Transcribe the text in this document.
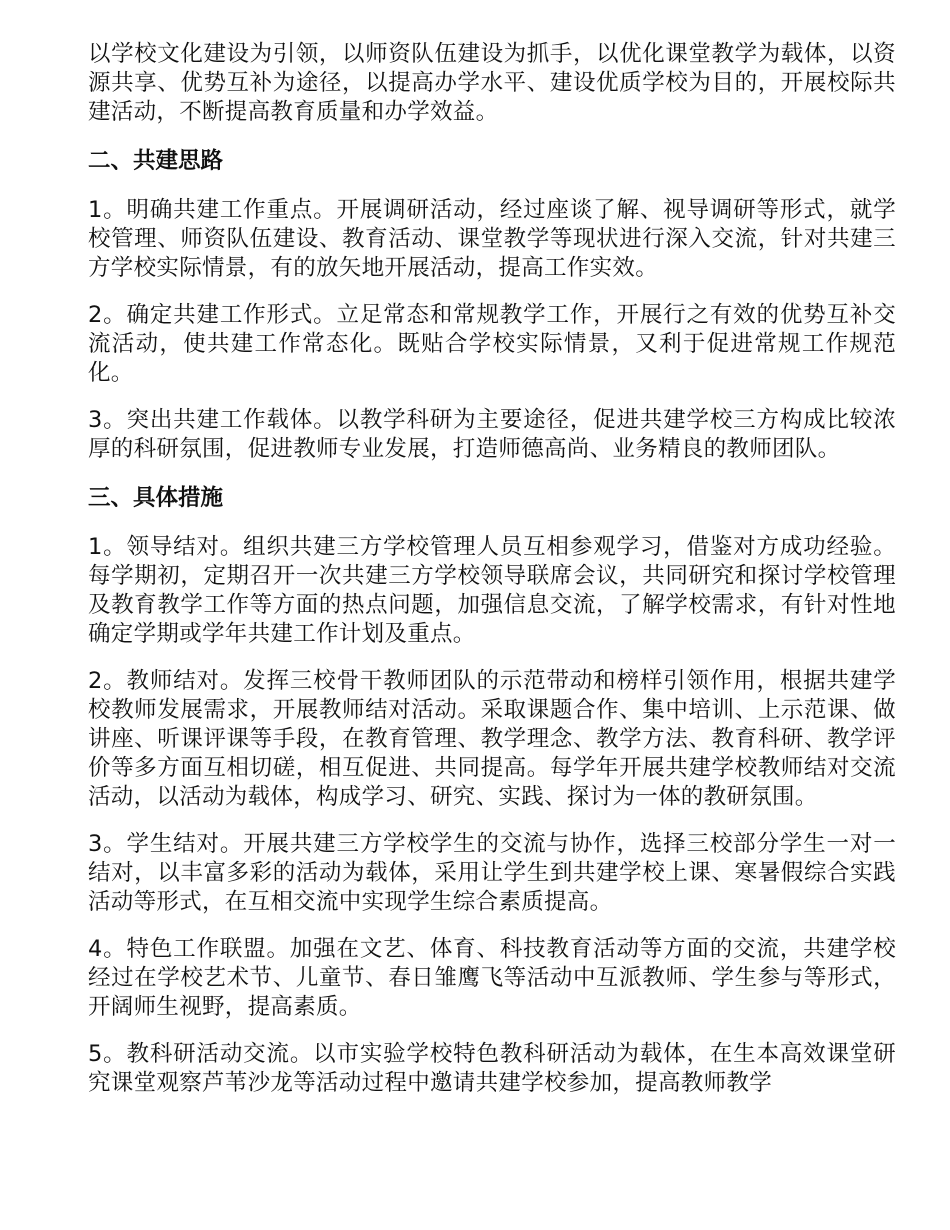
以学校文化建设为引领，以师资队伍建设为抓手，以优化课堂教学为载体，以资源共享、优势互补为途径，以提高办学水平、建设优质学校为目的，开展校际共建活动，不断提高教育质量和办学效益。

二、共建思路

1。明确共建工作重点。开展调研活动，经过座谈了解、视导调研等形式，就学校管理、师资队伍建设、教育活动、课堂教学等现状进行深入交流，针对共建三方学校实际情景，有的放矢地开展活动，提高工作实效。

2。确定共建工作形式。立足常态和常规教学工作，开展行之有效的优势互补交流活动，使共建工作常态化。既贴合学校实际情景，又利于促进常规工作规范化。

3。突出共建工作载体。以教学科研为主要途径，促进共建学校三方构成比较浓厚的科研氛围，促进教师专业发展，打造师德高尚、业务精良的教师团队。

三、具体措施

1。领导结对。组织共建三方学校管理人员互相参观学习，借鉴对方成功经验。每学期初，定期召开一次共建三方学校领导联席会议，共同研究和探讨学校管理及教育教学工作等方面的热点问题，加强信息交流，了解学校需求，有针对性地确定学期或学年共建工作计划及重点。

2。教师结对。发挥三校骨干教师团队的示范带动和榜样引领作用，根据共建学校教师发展需求，开展教师结对活动。采取课题合作、集中培训、上示范课、做讲座、听课评课等手段，在教育管理、教学理念、教学方法、教育科研、教学评价等多方面互相切磋，相互促进、共同提高。每学年开展共建学校教师结对交流活动，以活动为载体，构成学习、研究、实践、探讨为一体的教研氛围。

3。学生结对。开展共建三方学校学生的交流与协作，选择三校部分学生一对一结对，以丰富多彩的活动为载体，采用让学生到共建学校上课、寒暑假综合实践活动等形式，在互相交流中实现学生综合素质提高。

4。特色工作联盟。加强在文艺、体育、科技教育活动等方面的交流，共建学校经过在学校艺术节、儿童节、春日雏鹰飞等活动中互派教师、学生参与等形式，开阔师生视野，提高素质。

5。教科研活动交流。以市实验学校特色教科研活动为载体，在生本高效课堂研究课堂观察芦苇沙龙等活动过程中邀请共建学校参加，提高教师教学
